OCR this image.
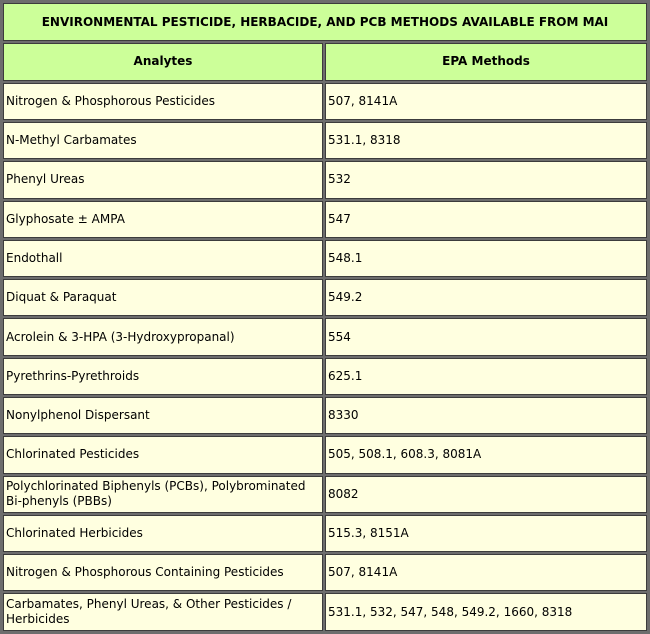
ENVIRONMENTAL PESTICIDE, HERBACIDE, AND PCB METHODS AVAILABLE FROM MAI	
Analytes	EPA Methods
Nitrogen & Phosphorous Pesticides	507, 8141A
N-Methyl Carbamates	531.1, 8318
Phenyl Ureas	532
Glyphosate ± AMPA	547
Endothall	548.1
Diquat & Paraquat	549.2
Acrolein & 3-HPA (3-Hydroxypropanal)	554
Pyrethrins-Pyrethroids	625.1
Nonylphenol Dispersant	8330
Chlorinated Pesticides	505, 508.1, 608.3, 8081A
Polychlorinated Biphenyls (PCBs), Polybrominated Bi-phenyls (PBBs)	8082
Chlorinated Herbicides	515.3, 8151A
Nitrogen & Phosphorous Containing Pesticides	507, 8141A
Carbamates, Phenyl Ureas, & Other Pesticides / Herbicides	531.1, 532, 547, 548, 549.2, 1660, 8318
